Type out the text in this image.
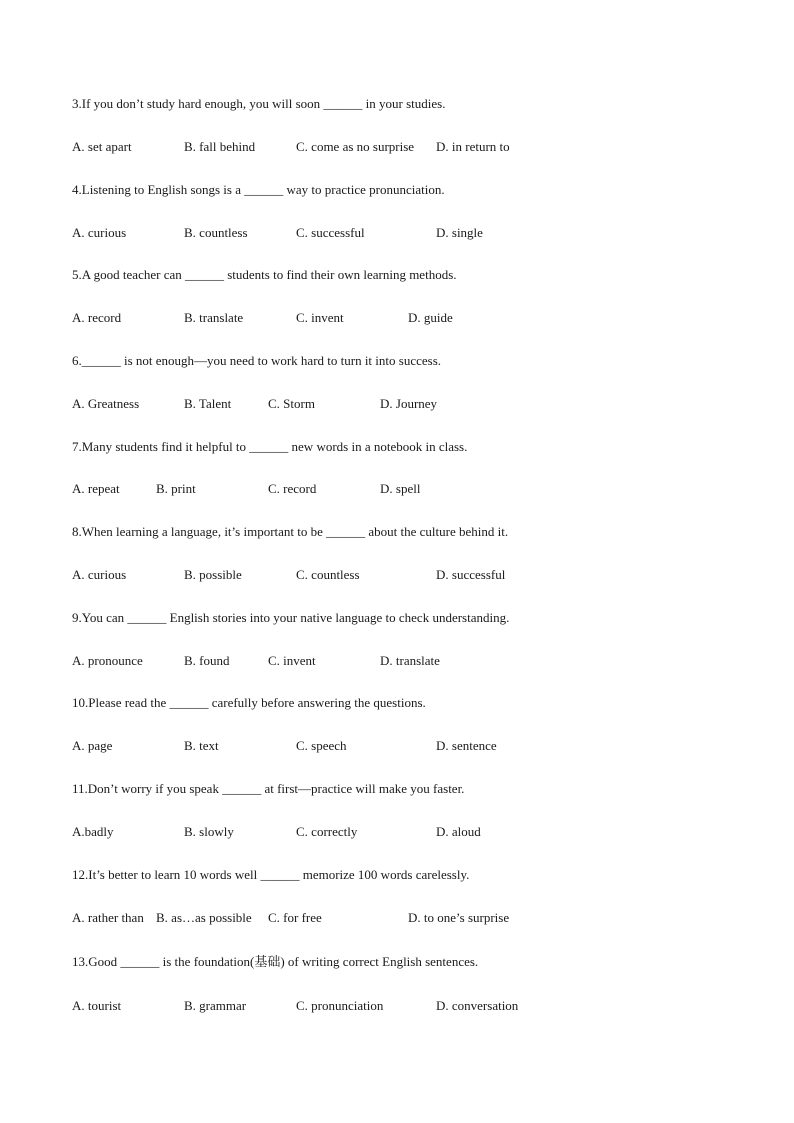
3.If you don’t study hard enough, you will soon ______ in your studies.
A. set apart	B. fall behind	C. come as no surprise D. in return to
4.Listening to English songs is a ______ way to practice pronunciation.
A. curious	B. countless	C. successful	D. single
5.A good teacher can ______ students to find their own learning methods.
A. record	B. translate	C. invent	D. guide
6.______ is not enough—you need to work hard to turn it into success.
A. Greatness	B. Talent	C. Storm	D. Journey
7.Many students find it helpful to ______ new words in a notebook in class.
A. repeat	B. print	C. record	D. spell
8.When learning a language, it’s important to be ______ about the culture behind it.
A. curious	B. possible	C. countless	D. successful
9.You can ______ English stories into your native language to check understanding.
A. pronounce	B. found	C. invent	D. translate
10.Please read the ______ carefully before answering the questions.
A. page	B. text	C. speech	D. sentence
11.Don’t worry if you speak ______ at first—practice will make you faster.
A.badly	B. slowly	C. correctly	D. aloud
12.It’s better to learn 10 words well ______ memorize 100 words carelessly.
A. rather than B. as…as possible C. for free	D. to one’s surprise
13.Good ______ is the foundation(基础) of writing correct English sentences.
A. tourist	B. grammar	C. pronunciation	D. conversation
